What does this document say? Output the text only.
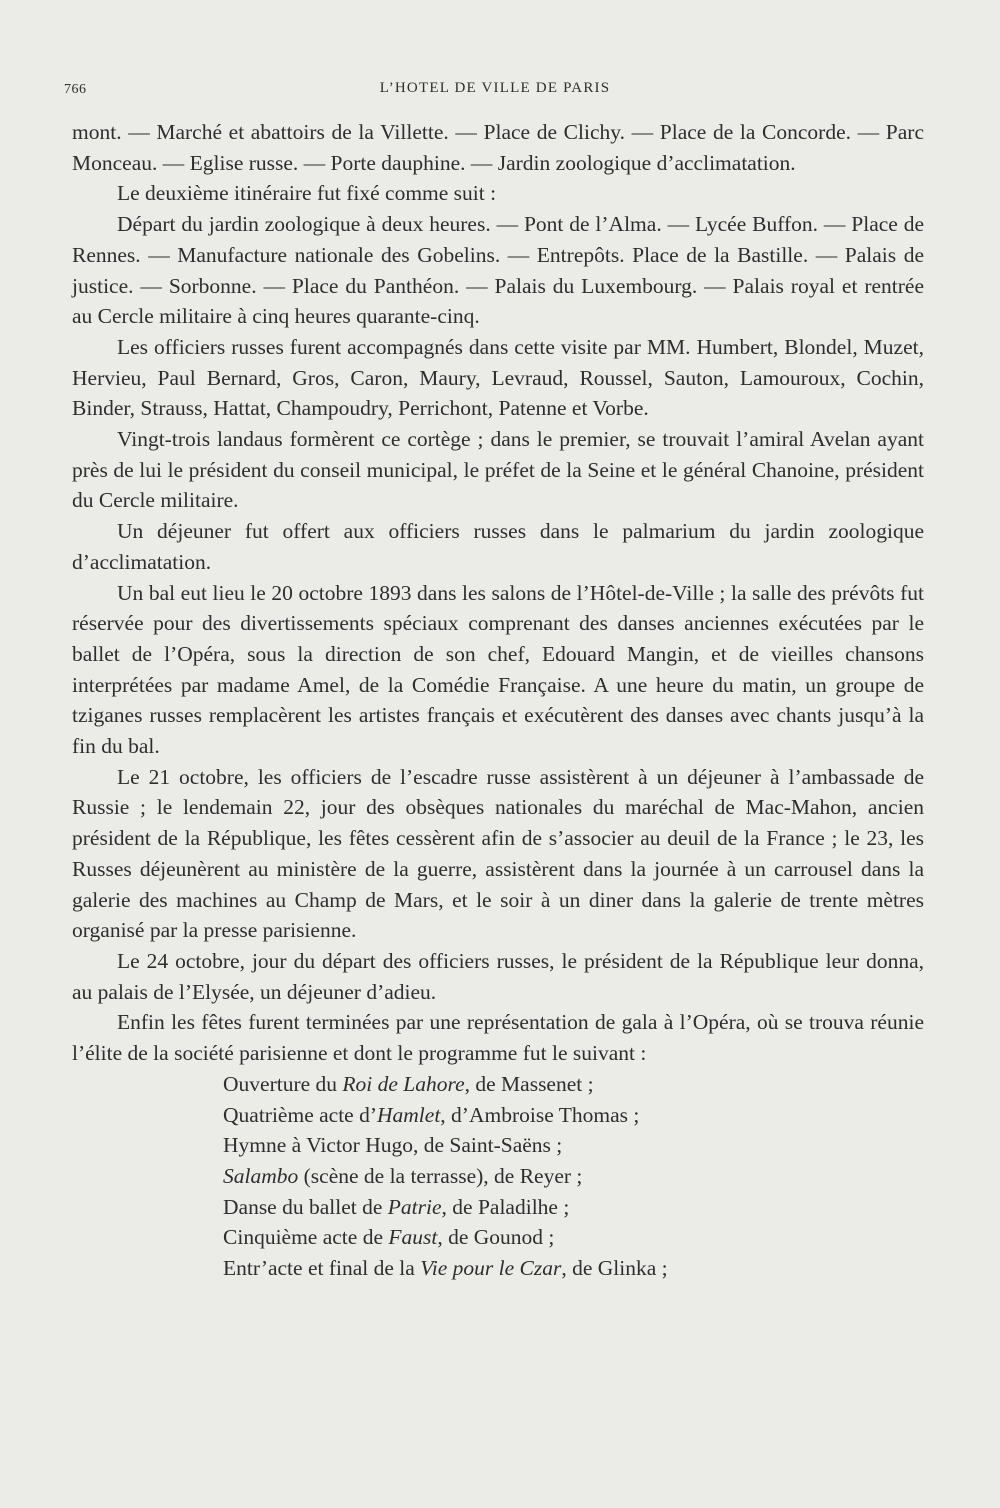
766	L’HOTEL DE VILLE DE PARIS

mont. — Marché et abattoirs de la Villette. — Place de Clichy. — Place de la Concorde. — Parc Monceau. — Eglise russe. — Porte dauphine. — Jardin zoologique d’acclimatation.

Le deuxième itinéraire fut fixé comme suit :

Départ du jardin zoologique à deux heures. — Pont de l’Alma. — Lycée Buffon. — Place de Rennes. — Manufacture nationale des Gobelins. — Entrepôts. Place de la Bastille. — Palais de justice. — Sorbonne. — Place du Panthéon. — Palais du Luxembourg. — Palais royal et rentrée au Cercle militaire à cinq heures quarante-cinq.

Les officiers russes furent accompagnés dans cette visite par MM. Humbert, Blondel, Muzet, Hervieu, Paul Bernard, Gros, Caron, Maury, Levraud, Roussel, Sauton, Lamouroux, Cochin, Binder, Strauss, Hattat, Champoudry, Perrichont, Patenne et Vorbe.

Vingt-trois landaus formèrent ce cortège ; dans le premier, se trouvait l’amiral Avelan ayant près de lui le président du conseil municipal, le préfet de la Seine et le général Chanoine, président du Cercle militaire.

Un déjeuner fut offert aux officiers russes dans le palmarium du jardin zoologique d’acclimatation.

Un bal eut lieu le 20 octobre 1893 dans les salons de l’Hôtel-de-Ville ; la salle des prévôts fut réservée pour des divertissements spéciaux comprenant des danses anciennes exécutées par le ballet de l’Opéra, sous la direction de son chef, Edouard Mangin, et de vieilles chansons interprétées par madame Amel, de la Comédie Française. A une heure du matin, un groupe de tziganes russes remplacèrent les artistes français et exécutèrent des danses avec chants jusqu’à la fin du bal.

Le 21 octobre, les officiers de l’escadre russe assistèrent à un déjeuner à l’ambassade de Russie ; le lendemain 22, jour des obsèques nationales du maréchal de Mac-Mahon, ancien président de la République, les fêtes cessèrent afin de s’associer au deuil de la France ; le 23, les Russes déjeunèrent au ministère de la guerre, assistèrent dans la journée à un carrousel dans la galerie des machines au Champ de Mars, et le soir à un diner dans la galerie de trente mètres organisé par la presse parisienne.

Le 24 octobre, jour du départ des officiers russes, le président de la République leur donna, au palais de l’Elysée, un déjeuner d’adieu.

Enfin les fêtes furent terminées par une représentation de gala à l’Opéra, où se trouva réunie l’élite de la société parisienne et dont le programme fut le suivant :

Ouverture du Roi de Lahore, de Massenet ;
Quatrième acte d’Hamlet, d’Ambroise Thomas ;
Hymne à Victor Hugo, de Saint-Saëns ;
Salambo (scène de la terrasse), de Reyer ;
Danse du ballet de Patrie, de Paladilhe ;
Cinquième acte de Faust, de Gounod ;
Entr’acte et final de la Vie pour le Czar, de Glinka ;
